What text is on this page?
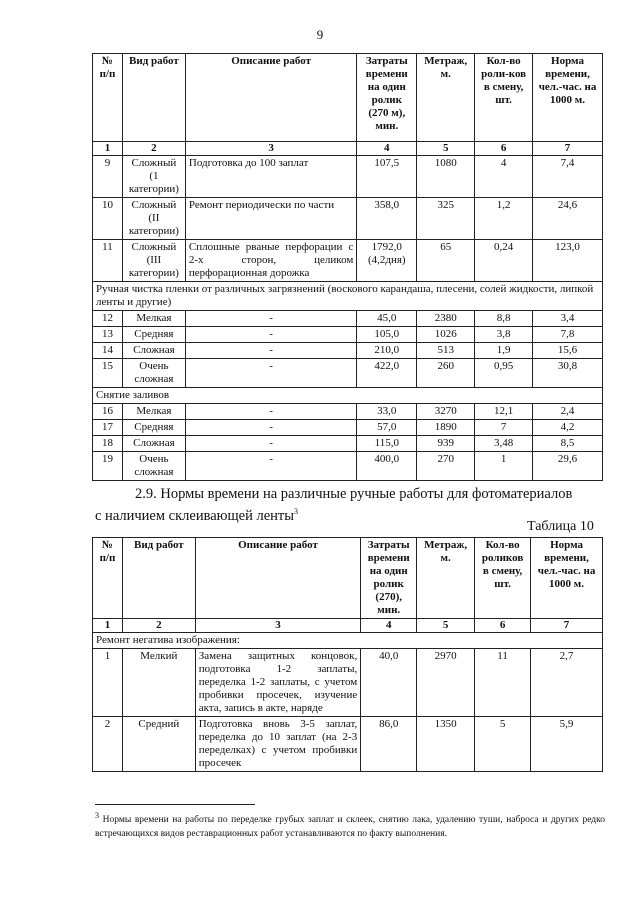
9
№ п/п	Вид работ	Описание работ	Затраты времени на один ролик (270 м), мин.	Метраж, м.	Кол-во роли-ков в смену, шт.	Норма времени, чел.-час. на 1000 м.
1	2	3	4	5	6	7
9	Сложный (1 категории)	Подготовка до 100 заплат	107,5	1080	4	7,4
10	Сложный (II категории)	Ремонт периодически по части	358,0	325	1,2	24,6
11	Сложный (III категории)	Сплошные рваные перфорации с 2-х сторон, целиком перфорационная дорожка	1792,0 (4,2дня)	65	0,24	123,0
Ручная чистка пленки от различных загрязнений (воскового карандаша, плесени, солей жидкости, липкой ленты и другие)						
12	Мелкая	-	45,0	2380	8,8	3,4
13	Средняя	-	105,0	1026	3,8	7,8
14	Сложная	-	210,0	513	1,9	15,6
15	Очень сложная	-	422,0	260	0,95	30,8
Снятие заливов						
16	Мелкая	-	33,0	3270	12,1	2,4
17	Средняя	-	57,0	1890	7	4,2
18	Сложная	-	115,0	939	3,48	8,5
19	Очень сложная	-	400,0	270	1	29,6
2.9. Нормы времени на различные ручные работы для фотоматериалов
с наличием склеивающей ленты$^3$
Таблица 10
№ п/п	Вид работ	Описание работ	Затраты времени на один ролик (270), мин.	Метраж, м.	Кол-во роликов в смену, шт.	Норма времени, чел.-час. на 1000 м.
1	2	3	4	5	6	7
Ремонт негатива изображения:						
1	Мелкий	Замена защитных концовок, подготовка 1-2 заплаты, переделка 1-2 заплаты, с учетом пробивки просечек, изучение акта, запись в акте, наряде	40,0	2970	11	2,7
2	Средний	Подготовка вновь 3-5 заплат, переделка до 10 заплат (на 2-3 переделках) с учетом пробивки просечек	86,0	1350	5	5,9
$^3$ Нормы времени на работы по переделке грубых заплат и склеек, снятию лака, удалению туши, наброса и других редко встречающихся видов реставрационных работ устанавливаются по факту выполнения.
